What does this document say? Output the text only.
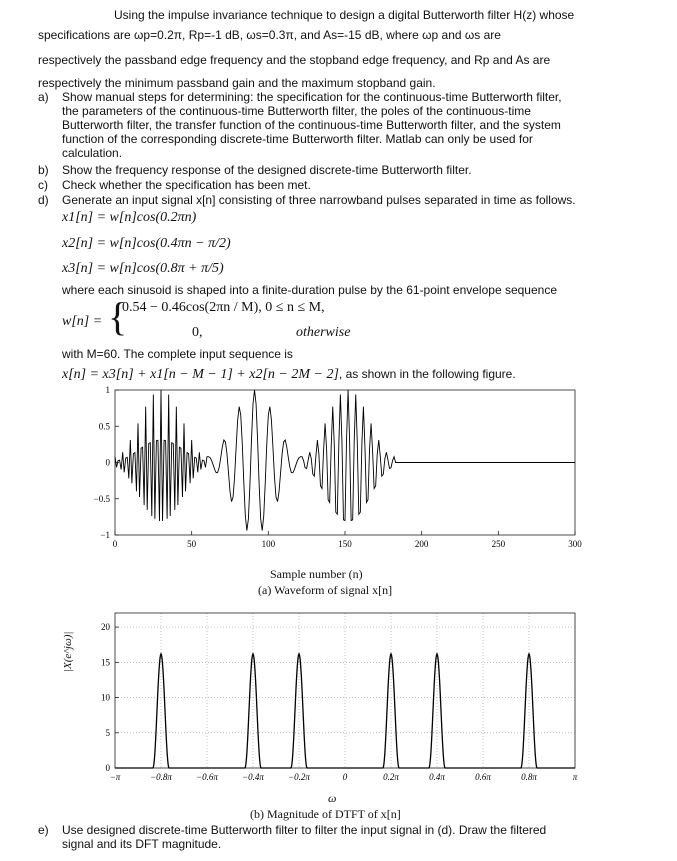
Using the impulse invariance technique to design a digital Butterworth filter H(z) whose
specifications are ωp=0.2π, Rp=-1 dB, ωs=0.3π, and As=-15 dB, where ωp and ωs are
respectively the passband edge frequency and the stopband edge frequency, and Rp and As are
respectively the minimum passband gain and the maximum stopband gain.
a) Show manual steps for determining: the specification for the continuous-time Butterworth filter,
the parameters of the continuous-time Butterworth filter, the poles of the continuous-time
Butterworth filter, the transfer function of the continuous-time Butterworth filter, and the system
function of the corresponding discrete-time Butterworth filter. Matlab can only be used for
calculation.
b) Show the frequency response of the designed discrete-time Butterworth filter.
c) Check whether the specification has been met.
d) Generate an input signal x[n] consisting of three narrowband pulses separated in time as follows.
x1[n] = w[n]cos(0.2πn)
x2[n] = w[n]cos(0.4πn − π/2)
x3[n] = w[n]cos(0.8π + π/5)
where each sinusoid is shaped into a finite-duration pulse by the 61-point envelope sequence
w[n] = {
0.54 − 0.46cos(2πn / M), 0 ≤ n ≤ M,
0,	otherwise
with M=60. The complete input sequence is
x[n] = x3[n] + x1[n − M − 1] + x2[n − 2M − 2], as shown in the following figure.
1
0.5
0
−0.5
−1
0	50	100	150	200	250	300
Sample number (n)
(a) Waveform of signal x[n]
20
15
10
5
0
−π	−0.8π	−0.6π	−0.4π	−0.2π	0	0.2π	0.4π	0.6π	0.8π	π
|X(e^jω)|
ω
(b) Magnitude of DTFT of x[n]
e) Use designed discrete-time Butterworth filter to filter the input signal in (d). Draw the filtered
signal and its DFT magnitude.
